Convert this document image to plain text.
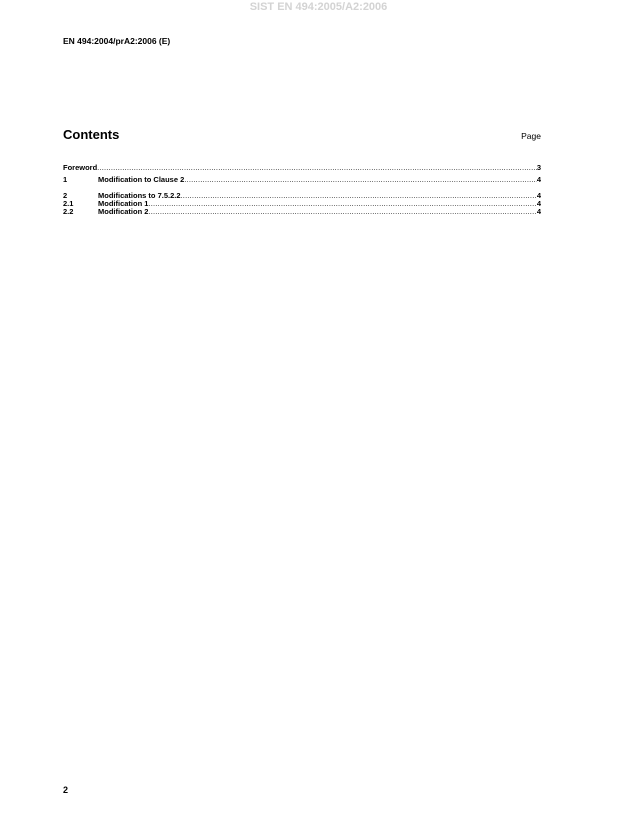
SIST EN 494:2005/A2:2006
EN 494:2004/prA2:2006 (E)
Contents	Page
Foreword .....	3
1	Modification to Clause 2 .....	4
2	Modifications to 7.5.2.2 .....	4
2.1	Modification 1 .....	4
2.2	Modification 2 .....	4
2
